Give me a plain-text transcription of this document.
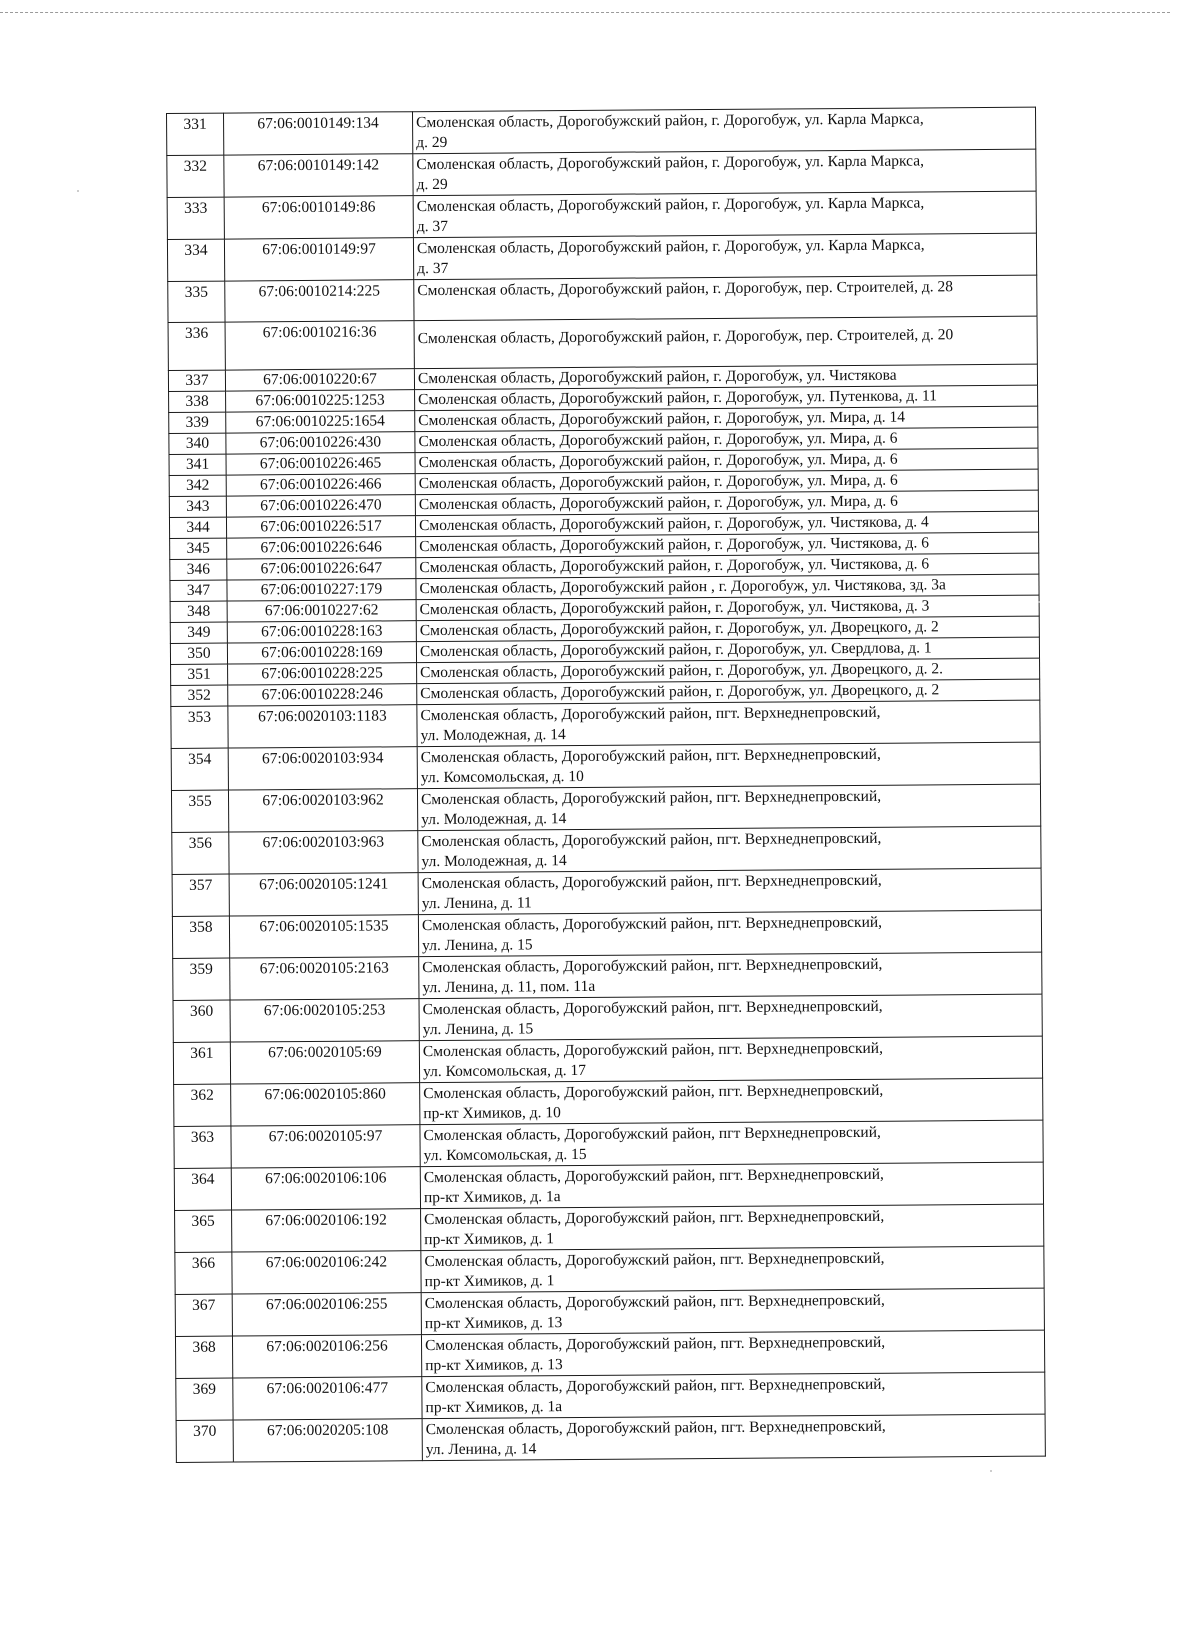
331	67:06:0010149:134	Смоленская область, Дорогобужский район, г. Дорогобуж, ул. Карла Маркса,
д. 29
332	67:06:0010149:142	Смоленская область, Дорогобужский район, г. Дорогобуж, ул. Карла Маркса,
д. 29
333	67:06:0010149:86	Смоленская область, Дорогобужский район, г. Дорогобуж, ул. Карла Маркса,
д. 37
334	67:06:0010149:97	Смоленская область, Дорогобужский район, г. Дорогобуж, ул. Карла Маркса,
д. 37
335	67:06:0010214:225	Смоленская область, Дорогобужский район, г. Дорогобуж, пер. Строителей, д. 28
336	67:06:0010216:36	Смоленская область, Дорогобужский район, г. Дорогобуж, пер. Строителей, д. 20
337	67:06:0010220:67	Смоленская область, Дорогобужский район, г. Дорогобуж, ул. Чистякова
338	67:06:0010225:1253	Смоленская область, Дорогобужский район, г. Дорогобуж, ул. Путенкова, д. 11
339	67:06:0010225:1654	Смоленская область, Дорогобужский район, г. Дорогобуж, ул. Мира, д. 14
340	67:06:0010226:430	Смоленская область, Дорогобужский район, г. Дорогобуж, ул. Мира, д. 6
341	67:06:0010226:465	Смоленская область, Дорогобужский район, г. Дорогобуж, ул. Мира, д. 6
342	67:06:0010226:466	Смоленская область, Дорогобужский район, г. Дорогобуж, ул. Мира, д. 6
343	67:06:0010226:470	Смоленская область, Дорогобужский район, г. Дорогобуж, ул. Мира, д. 6
344	67:06:0010226:517	Смоленская область, Дорогобужский район, г. Дорогобуж, ул. Чистякова, д. 4
345	67:06:0010226:646	Смоленская область, Дорогобужский район, г. Дорогобуж, ул. Чистякова, д. 6
346	67:06:0010226:647	Смоленская область, Дорогобужский район, г. Дорогобуж, ул. Чистякова, д. 6
347	67:06:0010227:179	Смоленская область, Дорогобужский район , г. Дорогобуж, ул. Чистякова, зд. 3а
348	67:06:0010227:62	Смоленская область, Дорогобужский район, г. Дорогобуж, ул. Чистякова, д. 3
349	67:06:0010228:163	Смоленская область, Дорогобужский район, г. Дорогобуж, ул. Дворецкого, д. 2
350	67:06:0010228:169	Смоленская область, Дорогобужский район, г. Дорогобуж, ул. Свердлова, д. 1
351	67:06:0010228:225	Смоленская область, Дорогобужский район, г. Дорогобуж, ул. Дворецкого, д. 2.
352	67:06:0010228:246	Смоленская область, Дорогобужский район, г. Дорогобуж, ул. Дворецкого, д. 2
353	67:06:0020103:1183	Смоленская область, Дорогобужский район, пгт. Верхнеднепровский,
ул. Молодежная, д. 14
354	67:06:0020103:934	Смоленская область, Дорогобужский район, пгт. Верхнеднепровский,
ул. Комсомольская, д. 10
355	67:06:0020103:962	Смоленская область, Дорогобужский район, пгт. Верхнеднепровский,
ул. Молодежная, д. 14
356	67:06:0020103:963	Смоленская область, Дорогобужский район, пгт. Верхнеднепровский,
ул. Молодежная, д. 14
357	67:06:0020105:1241	Смоленская область, Дорогобужский район, пгт. Верхнеднепровский,
ул. Ленина, д. 11
358	67:06:0020105:1535	Смоленская область, Дорогобужский район, пгт. Верхнеднепровский,
ул. Ленина, д. 15
359	67:06:0020105:2163	Смоленская область, Дорогобужский район, пгт. Верхнеднепровский,
ул. Ленина, д. 11, пом. 11а
360	67:06:0020105:253	Смоленская область, Дорогобужский район, пгт. Верхнеднепровский,
ул. Ленина, д. 15
361	67:06:0020105:69	Смоленская область, Дорогобужский район, пгт. Верхнеднепровский,
ул. Комсомольская, д. 17
362	67:06:0020105:860	Смоленская область, Дорогобужский район, пгт. Верхнеднепровский,
пр-кт Химиков, д. 10
363	67:06:0020105:97	Смоленская область, Дорогобужский район, пгт Верхнеднепровский,
ул. Комсомольская, д. 15
364	67:06:0020106:106	Смоленская область, Дорогобужский район, пгт. Верхнеднепровский,
пр-кт Химиков, д. 1а
365	67:06:0020106:192	Смоленская область, Дорогобужский район, пгт. Верхнеднепровский,
пр-кт Химиков, д. 1
366	67:06:0020106:242	Смоленская область, Дорогобужский район, пгт. Верхнеднепровский,
пр-кт Химиков, д. 1
367	67:06:0020106:255	Смоленская область, Дорогобужский район, пгт. Верхнеднепровский,
пр-кт Химиков, д. 13
368	67:06:0020106:256	Смоленская область, Дорогобужский район, пгт. Верхнеднепровский,
пр-кт Химиков, д. 13
369	67:06:0020106:477	Смоленская область, Дорогобужский район, пгт. Верхнеднепровский,
пр-кт Химиков, д. 1а
370	67:06:0020205:108	Смоленская область, Дорогобужский район, пгт. Верхнеднепровский,
ул. Ленина, д. 14
